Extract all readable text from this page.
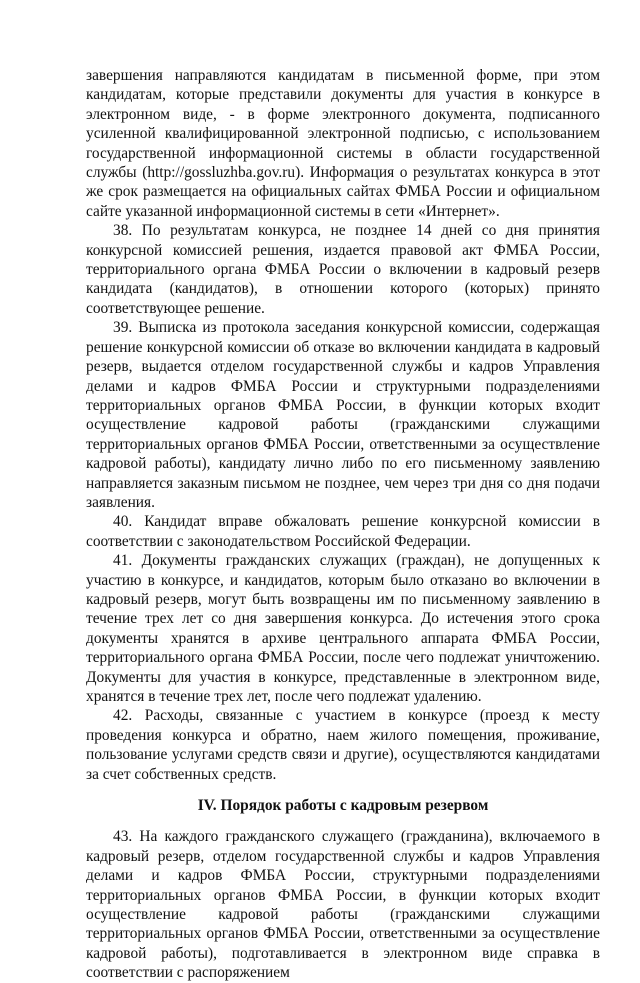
завершения направляются кандидатам в письменной форме, при этом кандидатам, которые представили документы для участия в конкурсе в электронном виде, - в форме электронного документа, подписанного усиленной квалифицированной электронной подписью, с использованием государственной информационной системы в области государственной службы (http://gossluzhba.gov.ru). Информация о результатах конкурса в этот же срок размещается на официальных сайтах ФМБА России и официальном сайте указанной информационной системы в сети «Интернет».

38. По результатам конкурса, не позднее 14 дней со дня принятия конкурсной комиссией решения, издается правовой акт ФМБА России, территориального органа ФМБА России о включении в кадровый резерв кандидата (кандидатов), в отношении которого (которых) принято соответствующее решение.

39. Выписка из протокола заседания конкурсной комиссии, содержащая решение конкурсной комиссии об отказе во включении кандидата в кадровый резерв, выдается отделом государственной службы и кадров Управления делами и кадров ФМБА России и структурными подразделениями территориальных органов ФМБА России, в функции которых входит осуществление кадровой работы (гражданскими служащими территориальных органов ФМБА России, ответственными за осуществление кадровой работы), кандидату лично либо по его письменному заявлению направляется заказным письмом не позднее, чем через три дня со дня подачи заявления.

40. Кандидат вправе обжаловать решение конкурсной комиссии в соответствии с законодательством Российской Федерации.

41. Документы гражданских служащих (граждан), не допущенных к участию в конкурсе, и кандидатов, которым было отказано во включении в кадровый резерв, могут быть возвращены им по письменному заявлению в течение трех лет со дня завершения конкурса. До истечения этого срока документы хранятся в архиве центрального аппарата ФМБА России, территориального органа ФМБА России, после чего подлежат уничтожению. Документы для участия в конкурсе, представленные в электронном виде, хранятся в течение трех лет, после чего подлежат удалению.

42. Расходы, связанные с участием в конкурсе (проезд к месту проведения конкурса и обратно, наем жилого помещения, проживание, пользование услугами средств связи и другие), осуществляются кандидатами за счет собственных средств.

IV. Порядок работы с кадровым резервом

43. На каждого гражданского служащего (гражданина), включаемого в кадровый резерв, отделом государственной службы и кадров Управления делами и кадров ФМБА России, структурными подразделениями территориальных органов ФМБА России, в функции которых входит осуществление кадровой работы (гражданскими служащими территориальных органов ФМБА России, ответственными за осуществление кадровой работы), подготавливается в электронном виде справка в соответствии с распоряжением
